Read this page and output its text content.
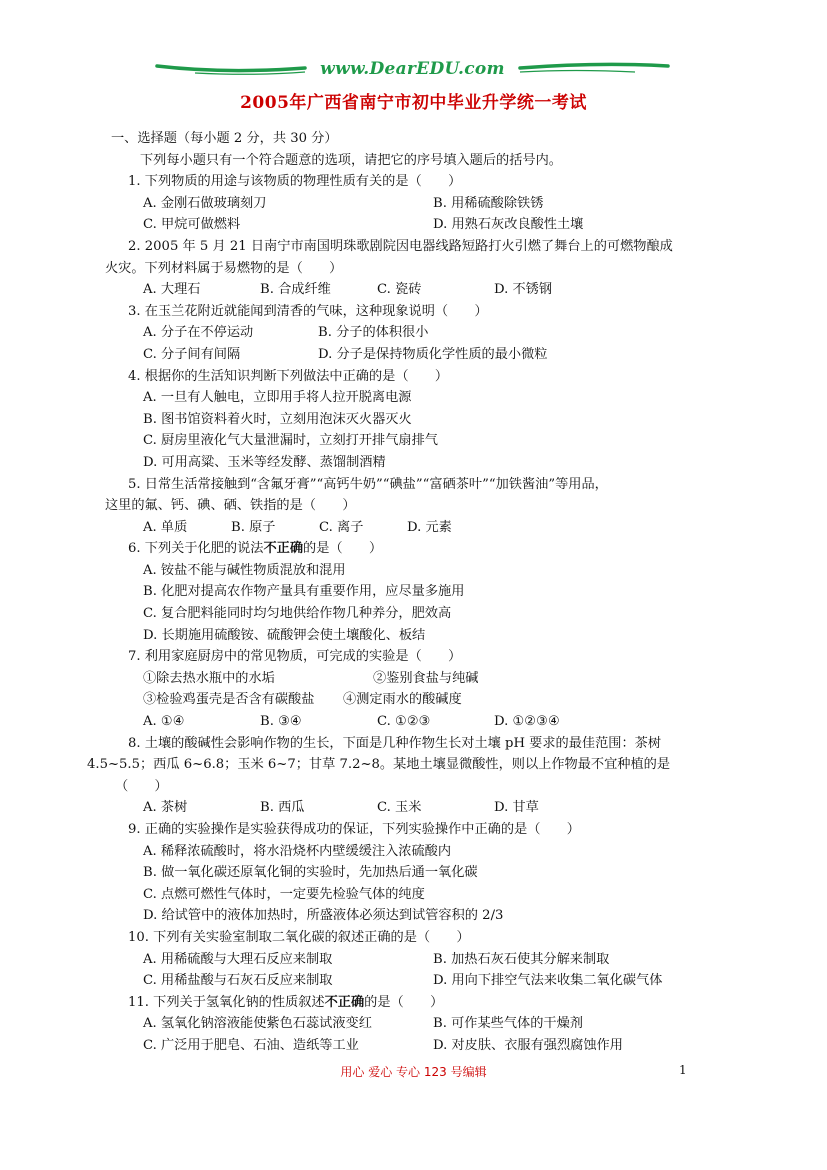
www.DearEDU.com
2005年广西省南宁市初中毕业升学统一考试
一、选择题（每小题 2 分，共 30 分）
下列每小题只有一个符合题意的选项，请把它的序号填入题后的括号内。
1. 下列物质的用途与该物质的物理性质有关的是（　　）
A. 金刚石做玻璃刻刀	B. 用稀硫酸除铁锈
C. 甲烷可做燃料	D. 用熟石灰改良酸性土壤
2. 2005 年 5 月 21 日南宁市南国明珠歌剧院因电器线路短路打火引燃了舞台上的可燃物酿成
火灾。下列材料属于易燃物的是（　　）
A. 大理石	B. 合成纤维	C. 瓷砖	D. 不锈钢
3. 在玉兰花附近就能闻到清香的气味，这种现象说明（　　）
A. 分子在不停运动	B. 分子的体积很小
C. 分子间有间隔	D. 分子是保持物质化学性质的最小微粒
4. 根据你的生活知识判断下列做法中正确的是（　　）
A. 一旦有人触电，立即用手将人拉开脱离电源
B. 图书馆资料着火时，立刻用泡沫灭火器灭火
C. 厨房里液化气大量泄漏时，立刻打开排气扇排气
D. 可用高粱、玉米等经发酵、蒸馏制酒精
5. 日常生活常接触到“含氟牙膏”“高钙牛奶”“碘盐”“富硒茶叶”“加铁酱油”等用品，
这里的氟、钙、碘、硒、铁指的是（　　）
A. 单质	B. 原子	C. 离子	D. 元素
6. 下列关于化肥的说法不正确的是（　　）
A. 铵盐不能与碱性物质混放和混用
B. 化肥对提高农作物产量具有重要作用，应尽量多施用
C. 复合肥料能同时均匀地供给作物几种养分，肥效高
D. 长期施用硫酸铵、硫酸钾会使土壤酸化、板结
7. 利用家庭厨房中的常见物质，可完成的实验是（　　）
①除去热水瓶中的水垢	②鉴别食盐与纯碱
③检验鸡蛋壳是否含有碳酸盐	④测定雨水的酸碱度
A. ①④	B. ③④	C. ①②③	D. ①②③④
8. 土壤的酸碱性会影响作物的生长，下面是几种作物生长对土壤 pH 要求的最佳范围：茶树
4.5~5.5；西瓜 6~6.8；玉米 6~7；甘草 7.2~8。某地土壤显微酸性，则以上作物最不宜种植的是
（　　）
A. 茶树	B. 西瓜	C. 玉米	D. 甘草
9. 正确的实验操作是实验获得成功的保证，下列实验操作中正确的是（　　）
A. 稀释浓硫酸时，将水沿烧杯内壁缓缓注入浓硫酸内
B. 做一氧化碳还原氧化铜的实验时，先加热后通一氧化碳
C. 点燃可燃性气体时，一定要先检验气体的纯度
D. 给试管中的液体加热时，所盛液体必须达到试管容积的 2/3
10. 下列有关实验室制取二氧化碳的叙述正确的是（　　）
A. 用稀硫酸与大理石反应来制取	B. 加热石灰石使其分解来制取
C. 用稀盐酸与石灰石反应来制取	D. 用向下排空气法来收集二氧化碳气体
11. 下列关于氢氧化钠的性质叙述不正确的是（　　）
A. 氢氧化钠溶液能使紫色石蕊试液变红	B. 可作某些气体的干燥剂
C. 广泛用于肥皂、石油、造纸等工业	D. 对皮肤、衣服有强烈腐蚀作用
用心 爱心 专心 123 号编辑	1
